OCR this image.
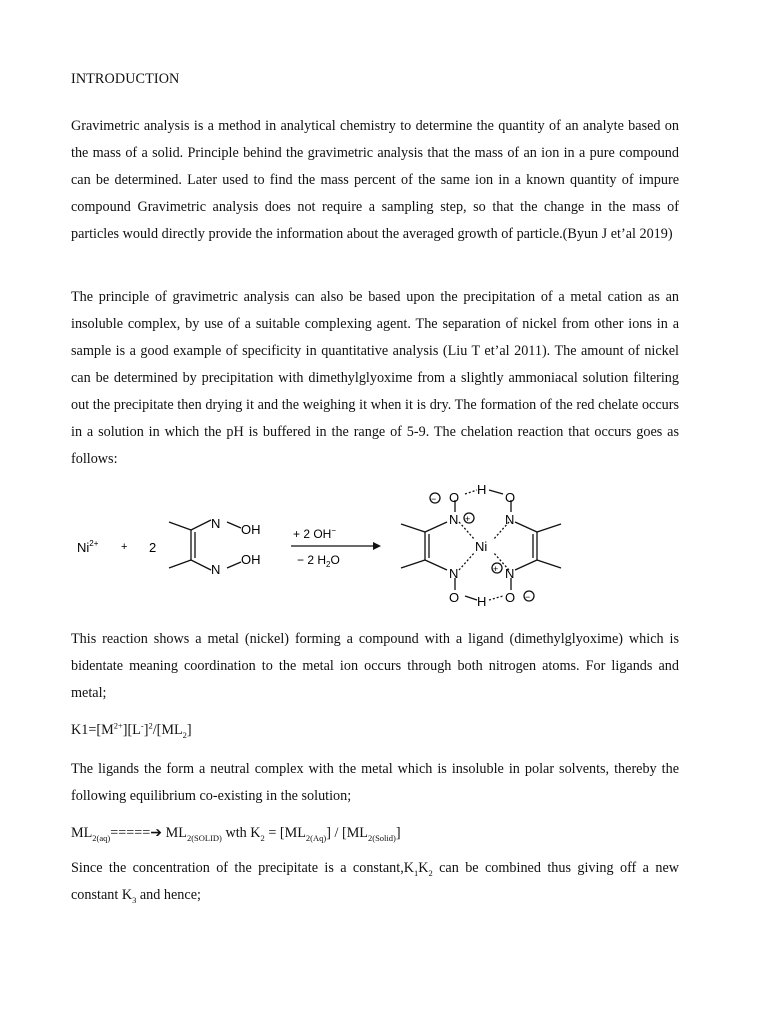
INTRODUCTION

Gravimetric analysis is a method in analytical chemistry to determine the quantity of an analyte based on the mass of a solid. Principle behind the gravimetric analysis that the mass of an ion in a pure compound can be determined. Later used to find the mass percent of the same ion in a known quantity of impure compound Gravimetric analysis does not require a sampling step, so that the change in the mass of particles would directly provide the information about the averaged growth of particle.(Byun J et’al 2019)

The principle of gravimetric analysis can also be based upon the precipitation of a metal cation as an insoluble complex, by use of a suitable complexing agent. The separation of nickel from other ions in a sample is a good example of specificity in quantitative analysis (Liu T et’al 2011). The amount of nickel can be determined by precipitation with dimethylglyoxime from a slightly ammoniacal solution filtering out the precipitate then drying it and the weighing it when it is dry. The formation of the red chelate occurs in a solution in which the pH is buffered in the range of 5-9. The chelation reaction that occurs goes as follows:

$Ni^{2+} + 2$
N OH
N
OH
+ 2 OH−
− 2 $H_2O$
−
+
+
−
O
H
O
N	N
Ni
N	N
O H O

This reaction shows a metal (nickel) forming a compound with a ligand (dimethylglyoxime) which is bidentate meaning coordination to the metal ion occurs through both nitrogen atoms. For ligands and metal;

$K1=[M^{2+}][L^-]^2/[ML_2]$

The ligands the form a neutral complex with the metal which is insoluble in polar solvents, thereby the following equilibrium co-existing in the solution;

$ML_{2(aq)}=====➔$ $ML_{2(SOLID)}$ wth $K_2 = [ML_{2(Aq)}] / [ML_{2(Solid)}]$

Since the concentration of the precipitate is a $constant,K_1K_2$ can be combined thus giving off a new constant $K_3$ and hence;
